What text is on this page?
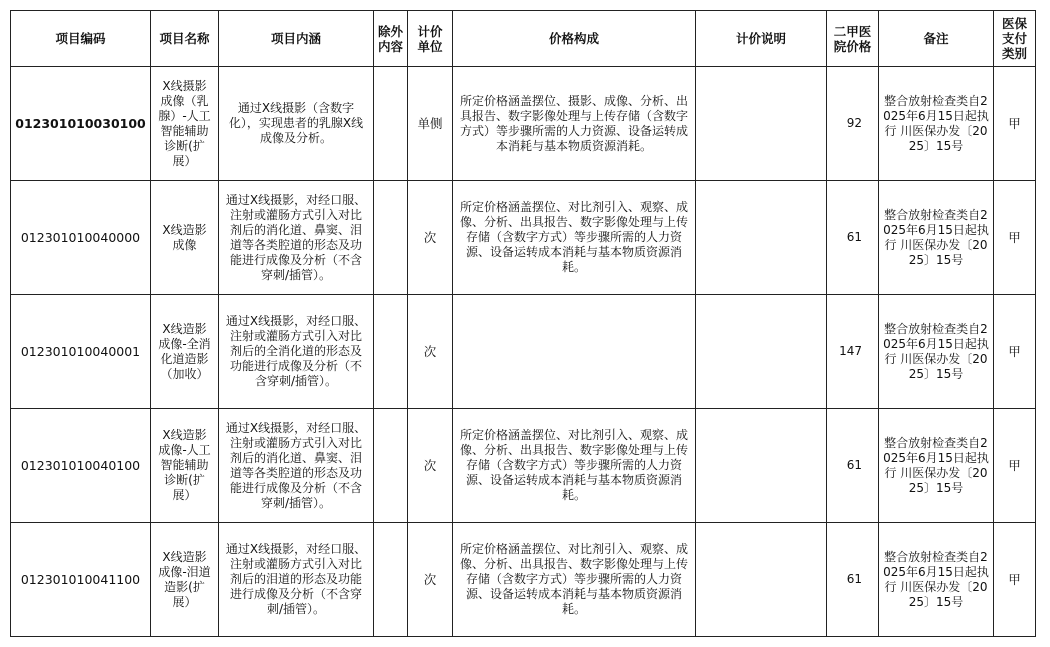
项目编码	项目名称	项目内涵	除外内容	计价单位	价格构成	计价说明	二甲医院价格	备注	医保支付类别
012301010030100	X线摄影成像（乳腺）-人工智能辅助诊断(扩展）	通过X线摄影（含数字化），实现患者的乳腺X线成像及分析。		单侧	所定价格涵盖摆位、摄影、成像、分析、出具报告、数字影像处理与上传存储（含数字方式）等步骤所需的人力资源、设备运转成本消耗与基本物质资源消耗。		92	整合放射检查类自2025年6月15日起执行 川医保办发〔2025〕15号	甲
012301010040000	X线造影成像	通过X线摄影，对经口服、注射或灌肠方式引入对比剂后的消化道、鼻窦、泪道等各类腔道的形态及功能进行成像及分析（不含穿刺/插管）。		次	所定价格涵盖摆位、对比剂引入、观察、成像、分析、出具报告、数字影像处理与上传存储（含数字方式）等步骤所需的人力资源、设备运转成本消耗与基本物质资源消耗。		61	整合放射检查类自2025年6月15日起执行 川医保办发〔2025〕15号	甲
012301010040001	X线造影成像-全消化道造影（加收）	通过X线摄影，对经口服、注射或灌肠方式引入对比剂后的全消化道的形态及功能进行成像及分析（不含穿刺/插管）。		次			147	整合放射检查类自2025年6月15日起执行 川医保办发〔2025〕15号	甲
012301010040100	X线造影成像-人工智能辅助诊断(扩展）	通过X线摄影，对经口服、注射或灌肠方式引入对比剂后的消化道、鼻窦、泪道等各类腔道的形态及功能进行成像及分析（不含穿刺/插管）。		次	所定价格涵盖摆位、对比剂引入、观察、成像、分析、出具报告、数字影像处理与上传存储（含数字方式）等步骤所需的人力资源、设备运转成本消耗与基本物质资源消耗。		61	整合放射检查类自2025年6月15日起执行 川医保办发〔2025〕15号	甲
012301010041100	X线造影成像-泪道造影(扩展）	通过X线摄影，对经口服、注射或灌肠方式引入对比剂后的泪道的形态及功能进行成像及分析（不含穿刺/插管）。		次	所定价格涵盖摆位、对比剂引入、观察、成像、分析、出具报告、数字影像处理与上传存储（含数字方式）等步骤所需的人力资源、设备运转成本消耗与基本物质资源消耗。		61	整合放射检查类自2025年6月15日起执行 川医保办发〔2025〕15号	甲
